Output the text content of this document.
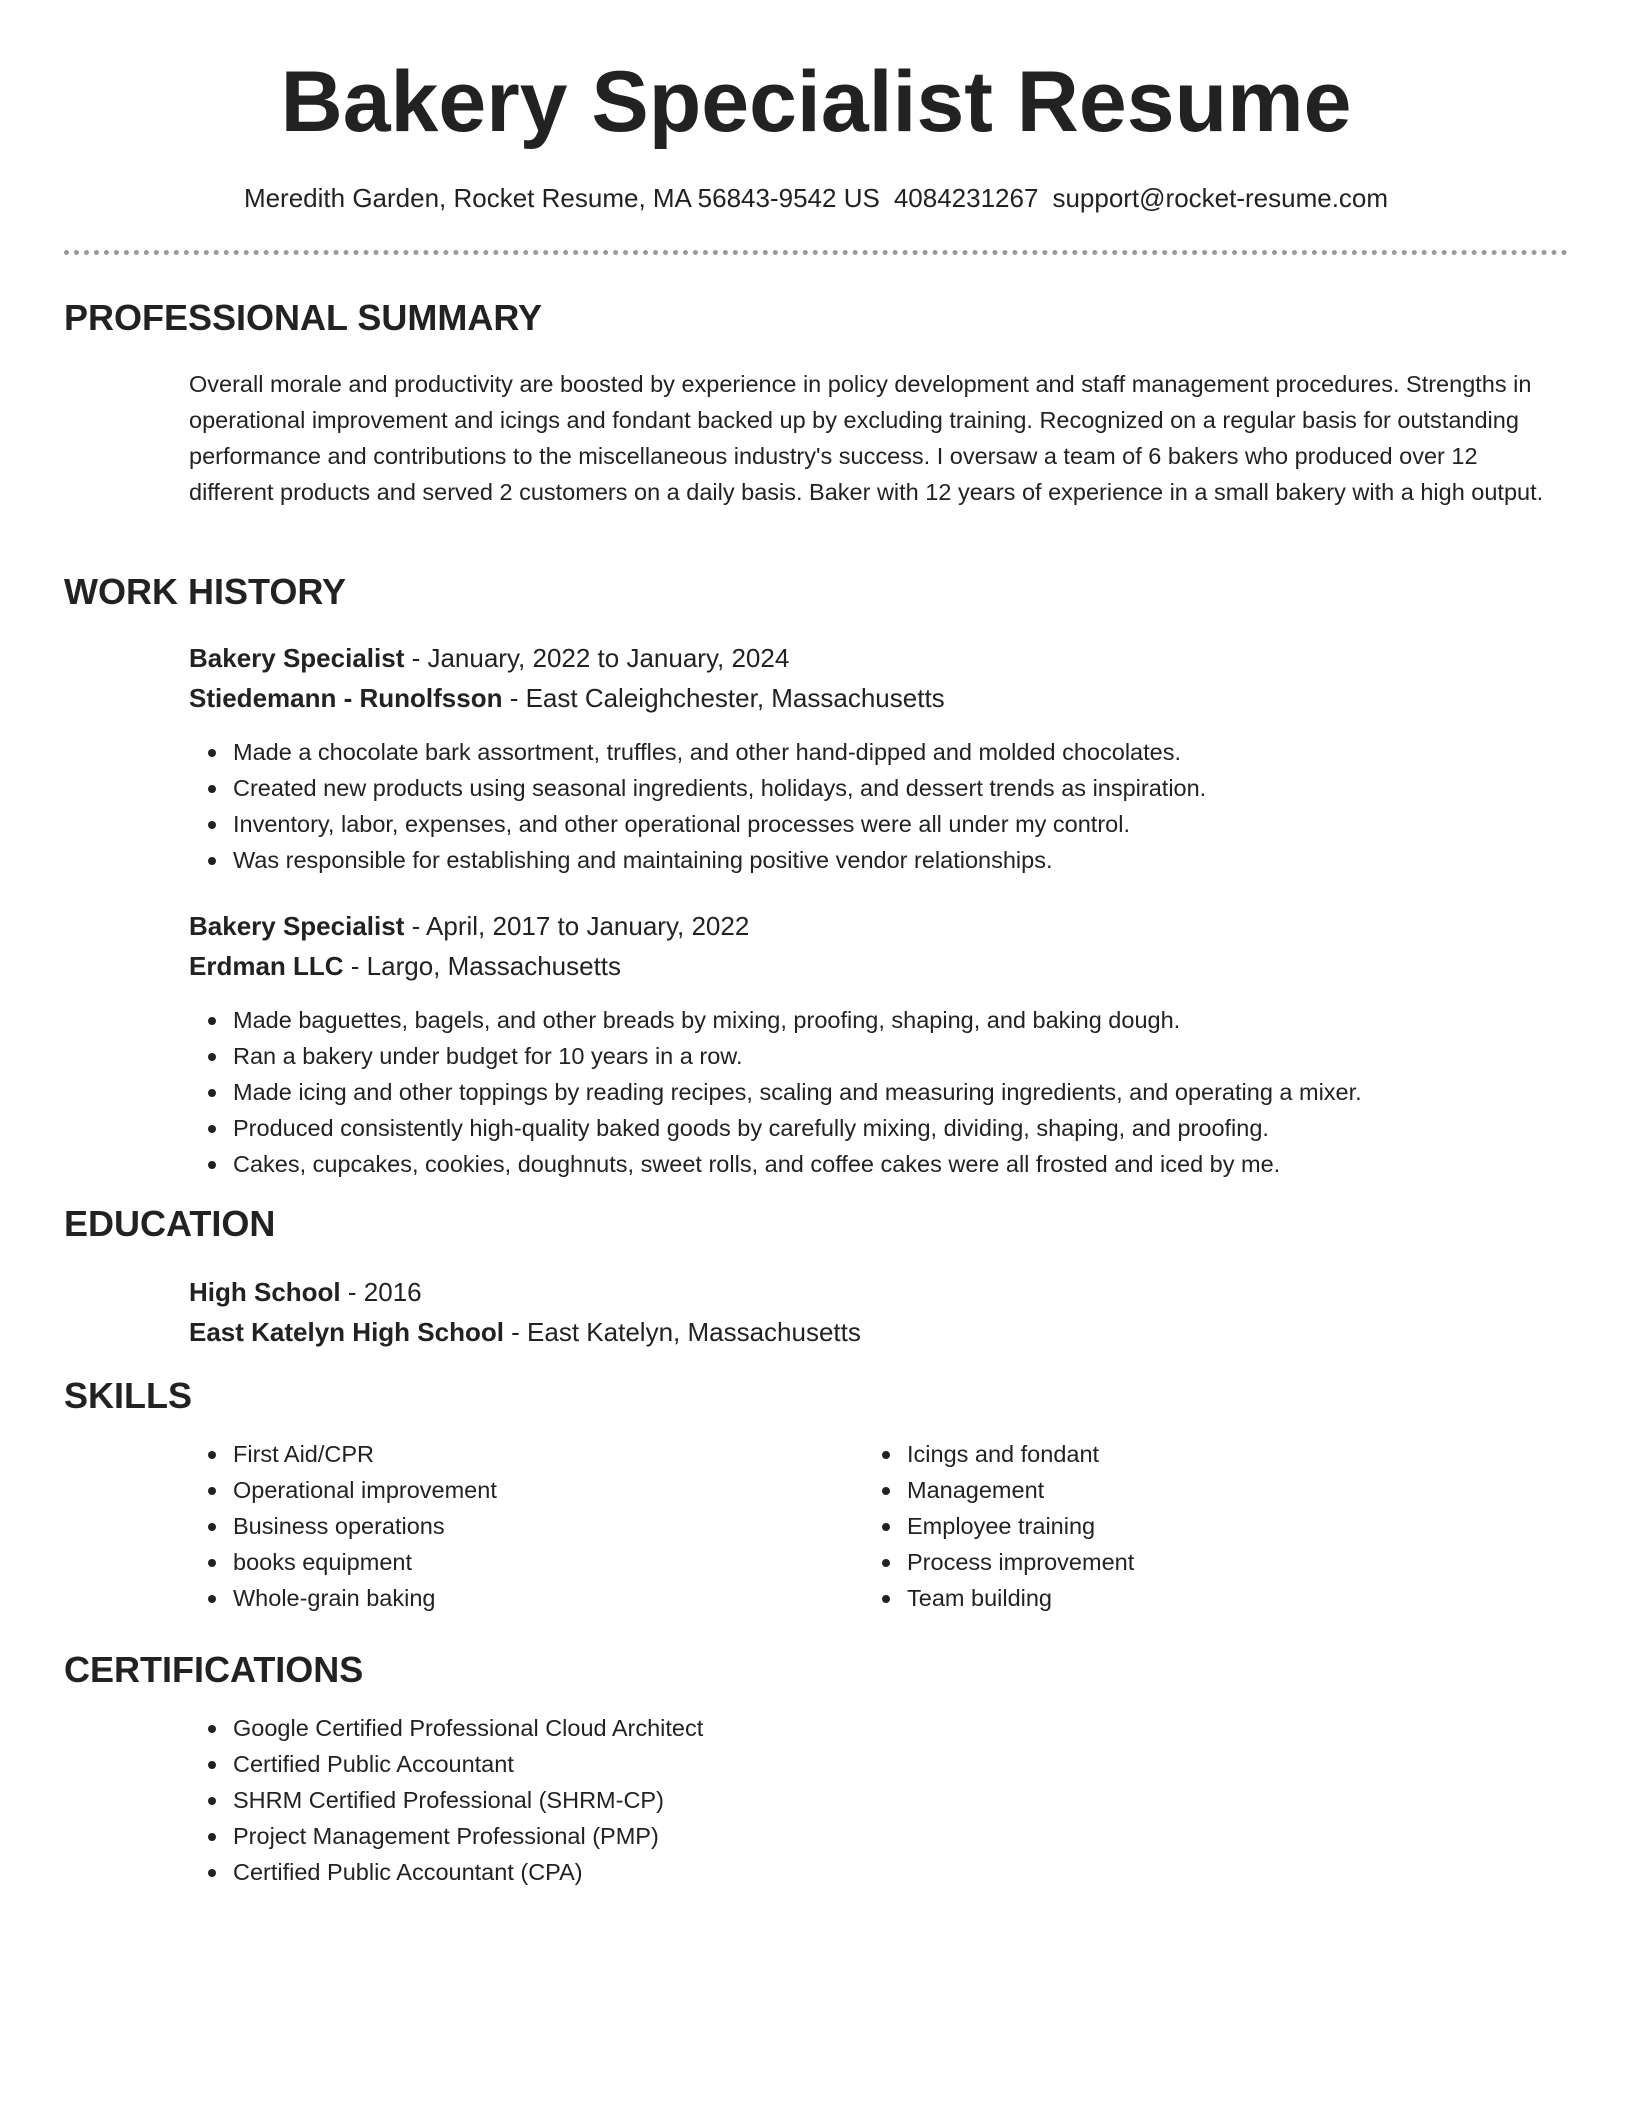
Bakery Specialist Resume
Meredith Garden, Rocket Resume, MA 56843-9542 US 4084231267 support@rocket-resume.com
PROFESSIONAL SUMMARY

Overall morale and productivity are boosted by experience in policy development and staff management procedures. Strengths in operational improvement and icings and fondant backed up by excluding training. Recognized on a regular basis for outstanding performance and contributions to the miscellaneous industry's success. I oversaw a team of 6 bakers who produced over 12 different products and served 2 customers on a daily basis. Baker with 12 years of experience in a small bakery with a high output.

WORK HISTORY
Bakery Specialist - January, 2022 to January, 2024
Stiedemann - Runolfsson - East Caleighchester, Massachusetts
Made a chocolate bark assortment, truffles, and other hand-dipped and molded chocolates.
Created new products using seasonal ingredients, holidays, and dessert trends as inspiration.
Inventory, labor, expenses, and other operational processes were all under my control.
Was responsible for establishing and maintaining positive vendor relationships.
Bakery Specialist - April, 2017 to January, 2022
Erdman LLC - Largo, Massachusetts
Made baguettes, bagels, and other breads by mixing, proofing, shaping, and baking dough.
Ran a bakery under budget for 10 years in a row.
Made icing and other toppings by reading recipes, scaling and measuring ingredients, and operating a mixer.
Produced consistently high-quality baked goods by carefully mixing, dividing, shaping, and proofing.
Cakes, cupcakes, cookies, doughnuts, sweet rolls, and coffee cakes were all frosted and iced by me.
EDUCATION
High School - 2016
East Katelyn High School - East Katelyn, Massachusetts
SKILLS
First Aid/CPR
Operational improvement
Business operations
books equipment
Whole-grain baking
Icings and fondant
Management
Employee training
Process improvement
Team building
CERTIFICATIONS
Google Certified Professional Cloud Architect
Certified Public Accountant
SHRM Certified Professional (SHRM-CP)
Project Management Professional (PMP)
Certified Public Accountant (CPA)
